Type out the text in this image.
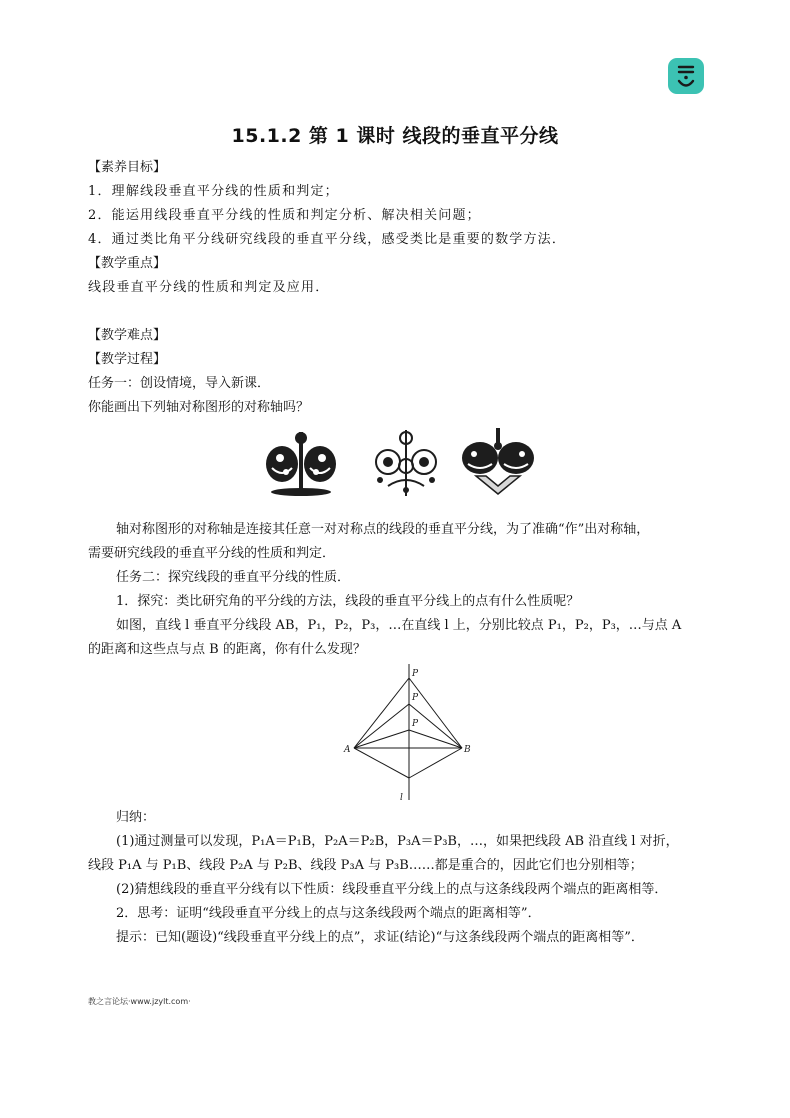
15.1.2 第 1 课时 线段的垂直平分线
【素养目标】
1．理解线段垂直平分线的性质和判定；
2．能运用线段垂直平分线的性质和判定分析、解决相关问题；
4．通过类比角平分线研究线段的垂直平分线，感受类比是重要的数学方法．
【教学重点】
线段垂直平分线的性质和判定及应用．
【教学难点】
【教学过程】
任务一：创设情境，导入新课．
你能画出下列轴对称图形的对称轴吗？
轴对称图形的对称轴是连接其任意一对对称点的线段的垂直平分线，为了准确“作”出对称轴，
需要研究线段的垂直平分线的性质和判定．
任务二：探究线段的垂直平分线的性质．
1．探究：类比研究角的平分线的方法，线段的垂直平分线上的点有什么性质呢？
如图，直线 l 垂直平分线段 AB，P₁，P₂，P₃，…在直线 l 上，分别比较点 P₁，P₂，P₃，…与点 A
的距离和这些点与点 B 的距离，你有什么发现？
P
P
P
A	B
l
归纳：
(1)通过测量可以发现，P₁A＝P₁B，P₂A＝P₂B，P₃A＝P₃B，…，如果把线段 AB 沿直线 l 对折，
线段 P₁A 与 P₁B、线段 P₂A 与 P₂B、线段 P₃A 与 P₃B……都是重合的，因此它们也分别相等；
(2)猜想线段的垂直平分线有以下性质：线段垂直平分线上的点与这条线段两个端点的距离相等．
2．思考：证明“线段垂直平分线上的点与这条线段两个端点的距离相等”．
提示：已知(题设)“线段垂直平分线上的点”，求证(结论)“与这条线段两个端点的距离相等”．
教之言论坛·www.jzylt.com·
